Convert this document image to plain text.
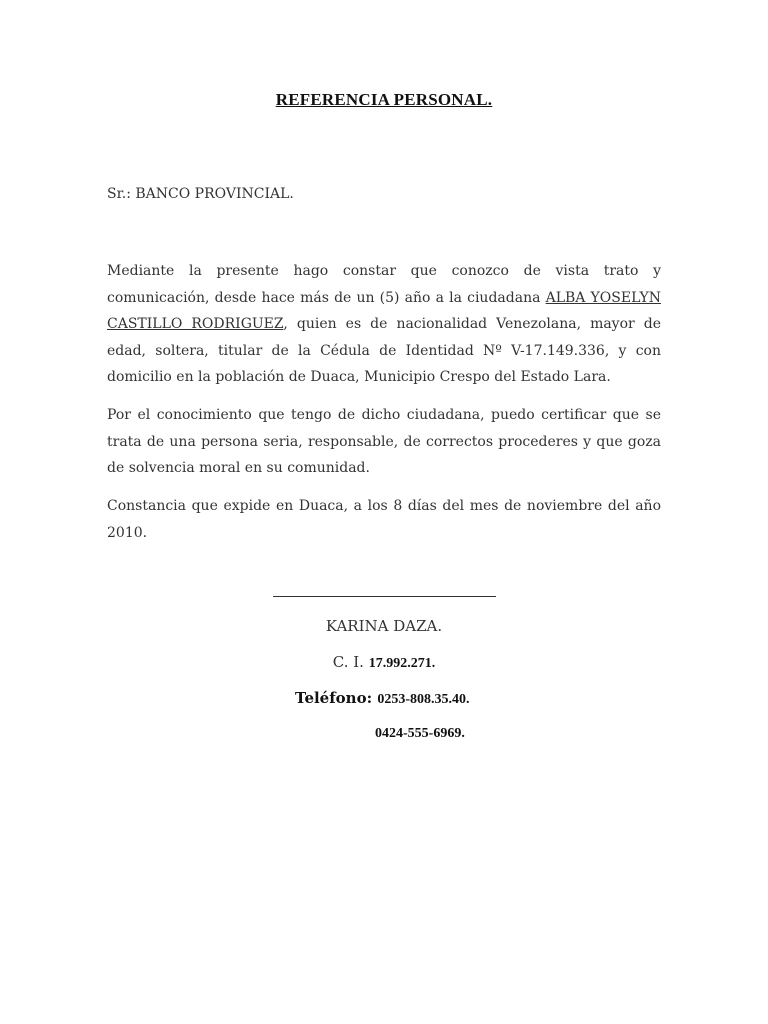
REFERENCIA PERSONAL.
Sr.: BANCO PROVINCIAL.

Mediante la presente hago constar que conozco de vista trato y comunicación, desde hace más de un (5) año a la ciudadana ALBA YOSELYN CASTILLO RODRIGUEZ, quien es de nacionalidad Venezolana, mayor de edad, soltera, titular de la Cédula de Identidad Nº V-17.149.336, y con domicilio en la población de Duaca, Municipio Crespo del Estado Lara.

Por el conocimiento que tengo de dicho ciudadana, puedo certificar que se trata de una persona seria, responsable, de correctos procederes y que goza de solvencia moral en su comunidad.

Constancia que expide en Duaca, a los 8 días del mes de noviembre del año 2010.

KARINA DAZA.
C. I. 17.992.271.
Teléfono: 0253-808.35.40.
0424-555-6969.
